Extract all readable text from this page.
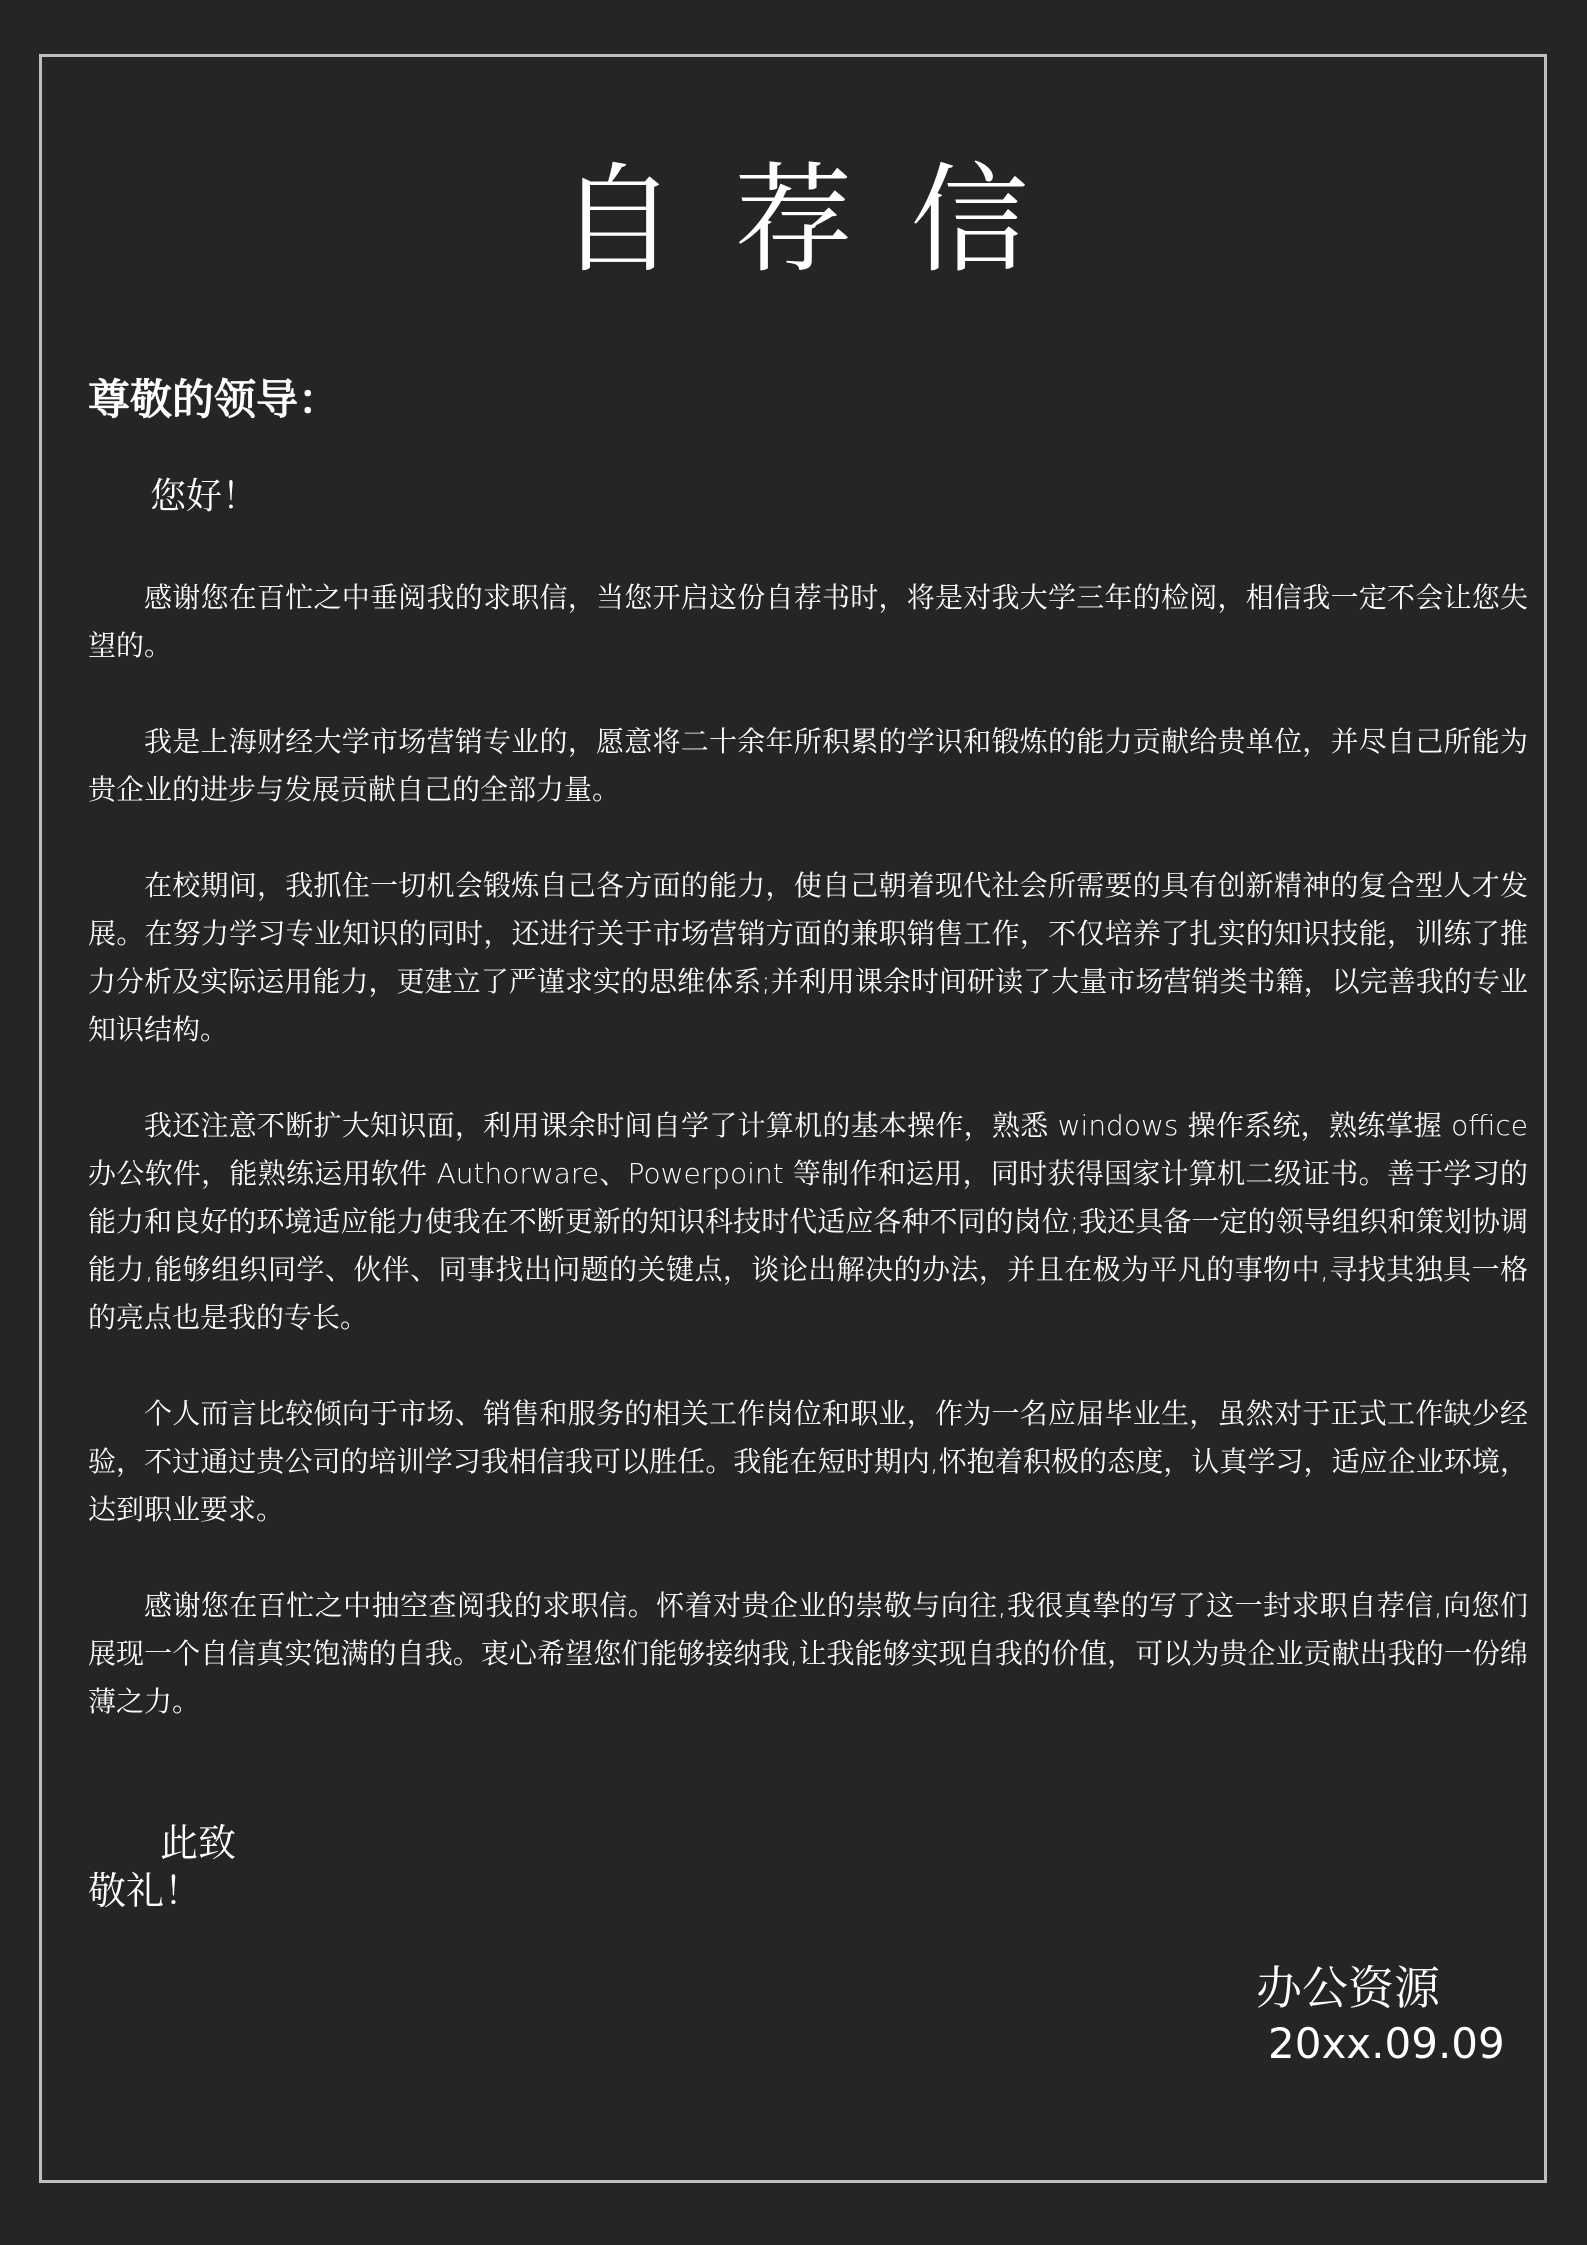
自荐信

尊敬的领导：

您好！

感谢您在百忙之中垂阅我的求职信，当您开启这份自荐书时，将是对我大学三年的检阅，相信我一定不会让您失望的。

我是上海财经大学市场营销专业的，愿意将二十余年所积累的学识和锻炼的能力贡献给贵单位，并尽自己所能为贵企业的进步与发展贡献自己的全部力量。

在校期间，我抓住一切机会锻炼自己各方面的能力，使自己朝着现代社会所需要的具有创新精神的复合型人才发展。在努力学习专业知识的同时，还进行关于市场营销方面的兼职销售工作，不仅培养了扎实的知识技能，训练了推力分析及实际运用能力，更建立了严谨求实的思维体系;并利用课余时间研读了大量市场营销类书籍，以完善我的专业知识结构。

我还注意不断扩大知识面，利用课余时间自学了计算机的基本操作，熟悉 windows 操作系统，熟练掌握 office 办公软件，能熟练运用软件 Authorware、Powerpoint 等制作和运用，同时获得国家计算机二级证书。善于学习的能力和良好的环境适应能力使我在不断更新的知识科技时代适应各种不同的岗位;我还具备一定的领导组织和策划协调能力,能够组织同学、伙伴、同事找出问题的关键点，谈论出解决的办法，并且在极为平凡的事物中,寻找其独具一格的亮点也是我的专长。

个人而言比较倾向于市场、销售和服务的相关工作岗位和职业，作为一名应届毕业生，虽然对于正式工作缺少经验，不过通过贵公司的培训学习我相信我可以胜任。我能在短时期内,怀抱着积极的态度，认真学习，适应企业环境，达到职业要求。

感谢您在百忙之中抽空查阅我的求职信。怀着对贵企业的崇敬与向往,我很真挚的写了这一封求职自荐信,向您们展现一个自信真实饱满的自我。衷心希望您们能够接纳我,让我能够实现自我的价值，可以为贵企业贡献出我的一份绵薄之力。

此致

敬礼！

办公资源

20xx.09.09
